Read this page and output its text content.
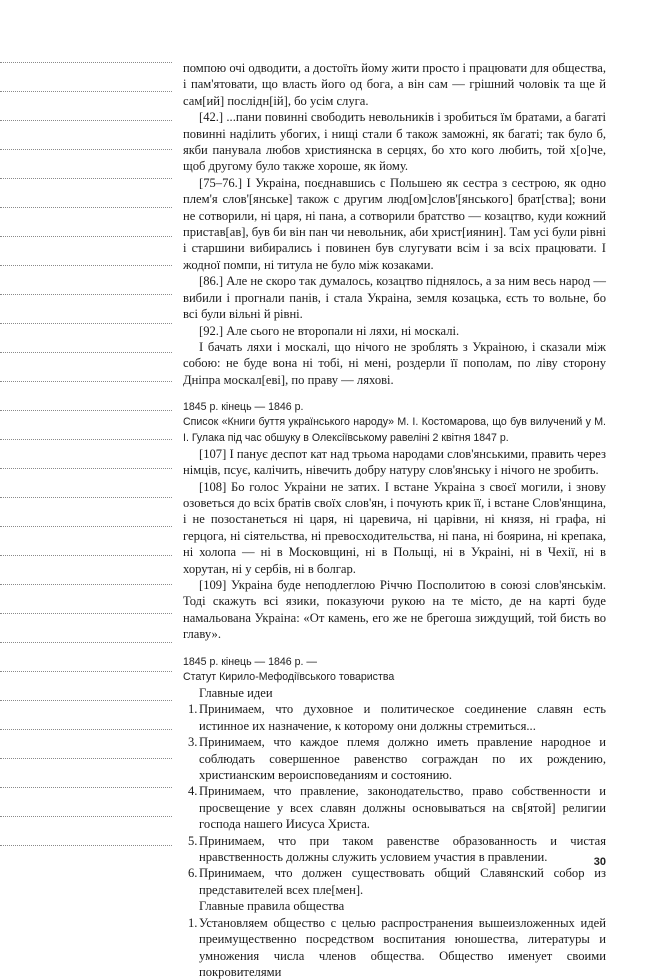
помпою очі одводити, а достоїть йому жити просто і працювати для общества, і пам'ятовати, що власть його од бога, а він сам — грішний чоловік та ще й сам[ий] послідн[ій], бо усім слуга.

[42.] ...пани повинні свободить невольників і зробиться їм братами, а багаті повинні наділить убогих, і нищі стали б також заможні, як багаті; так було б, якби панувала любов християнска в серцях, бо хто кого любить, той х[о]че, щоб другому було также хороше, як йому.

[75–76.] І Украіна, поєднавшись с Польшею як сестра з сестрою, як одно плем'я слов'[янське] також с другим люд[ом]слов'[янського] брат[ства]; вони не сотворили, ні царя, ні пана, а сотворили братство — козацтво, куди кожний пристав[ав], був би він пан чи невольник, аби христ[иянин]. Там усі були рівні і старшини вибирались і повинен був слугувати всім і за всіх працювати. І жодної помпи, ні титула не було між козаками.

[86.] Але не скоро так думалось, козацтво піднялось, а за ним весь народ — вибили і прогнали панів, і стала Украіна, земля козацька, єсть то вольне, бо всі були вільні й рівні.

[92.] Але сього не второпали ні ляхи, ні москалі.

І бачать ляхи і москалі, що нічого не зроблять з Украіною, і сказали між собою: не буде вона ні тобі, ні мені, роздерли її пополам, по ліву сторону Дніпра москал[еві], по праву — ляхові.

1845 р. кінець — 1846 р.

Список «Книги буття українського народу» М. І. Костомарова, що був вилучений у М. І. Гулака під час обшуку в Олексіївському равеліні 2 квітня 1847 р.

[107] І панує деспот кат над трьома народами слов'янськими, править через німців, псує, калічить, нівечить добру натуру слов'янську і нічого не зробить.

[108] Бо голос Украіни не затих. І встане Украіна з своєї могили, і знову озоветься до всіх братів своїх слов'ян, і почують крик її, і встане Слов'янщина, і не позостанеться ні царя, ні царевича, ні царівни, ні князя, ні графа, ні герцога, ні сіятельства, ні превосходительства, ні пана, ні боярина, ні крепака, ні холопа — ні в Московщині, ні в Польщі, ні в Украіні, ні в Чехії, ні в хорутан, ні у сербів, ні в болгар.

[109] Украіна буде неподлеглою Річчю Посполитою в союзі слов'янськім. Тоді скажуть всі язики, показуючи рукою на те місто, де на карті буде намальована Украіна: «От камень, его же не брегоша зиждущий, той бисть во главу».

1845 р. кінець — 1846 р. —

Статут Кирило-Мефодіївського товариства

Главные идеи

1. Принимаем, что духовное и политическое соединение славян есть истинное их назначение, к которому они должны стремиться...
3. Принимаем, что каждое племя должно иметь правление народное и соблюдать совершенное равенство сограждан по их рождению, христианским вероисповеданиям и состоянию.
4. Принимаем, что правление, законодательство, право собственности и просвещение у всех славян должны основываться на св[ятой] религии господа нашего Иисуса Христа.
5. Принимаем, что при таком равенстве образованность и чистая нравственность должны служить условием участия в правлении.
6. Принимаем, что должен существовать общий Славянский собор из представителей всех пле[мен].

Главные правила общества

1. Установляем общество с целью распространения вышеизложенных идей преимущественно посредством воспитания юношества, литературы и умножения числа членов общества. Общество именует своими покровителями
30
